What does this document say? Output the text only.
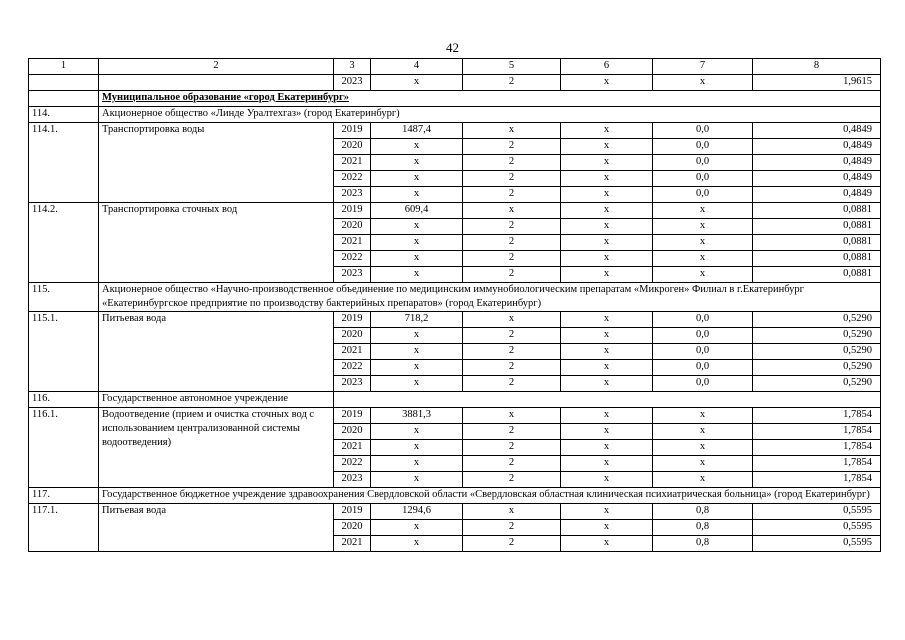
42
1	2	3	4	5	6	7	8
		2023	х	2	х	х	1,9615
	Муниципальное образование «город Екатеринбург»						
114.	Акционерное общество «Линде Уралтехгаз» (город Екатеринбург)						
114.1.	Транспортировка воды	2019	1487,4	х	х	0,0	0,4849
		2020	х	2	х	0,0	0,4849
		2021	х	2	х	0,0	0,4849
		2022	х	2	х	0,0	0,4849
		2023	х	2	х	0,0	0,4849
114.2.	Транспортировка сточных вод	2019	609,4	х	х	х	0,0881
		2020	х	2	х	х	0,0881
		2021	х	2	х	х	0,0881
		2022	х	2	х	х	0,0881
		2023	х	2	х	х	0,0881
115.	Акционерное общество «Научно-производственное объединение по медицинским иммунобиологическим препаратам «Микроген» Филиал в г.Екатеринбург «Екатеринбургское предприятие по производству бактерийных препаратов» (город Екатеринбург)						
115.1.	Питьевая вода	2019	718,2	х	х	0,0	0,5290
		2020	х	2	х	0,0	0,5290
		2021	х	2	х	0,0	0,5290
		2022	х	2	х	0,0	0,5290
		2023	х	2	х	0,0	0,5290
116.	Государственное автономное учреждение						
116.1.	Водоотведение (прием и очистка сточных вод с использованием централизованной системы водоотведения)	2019	3881,3	х	х	х	1,7854
		2020	х	2	х	х	1,7854
		2021	х	2	х	х	1,7854
		2022	х	2	х	х	1,7854
		2023	х	2	х	х	1,7854
117.	Государственное бюджетное учреждение здравоохранения Свердловской области «Свердловская областная клиническая психиатрическая больница» (город Екатеринбург)						
117.1.	Питьевая вода	2019	1294,6	х	х	0,8	0,5595
		2020	х	2	х	0,8	0,5595
		2021	х	2	х	0,8	0,5595
